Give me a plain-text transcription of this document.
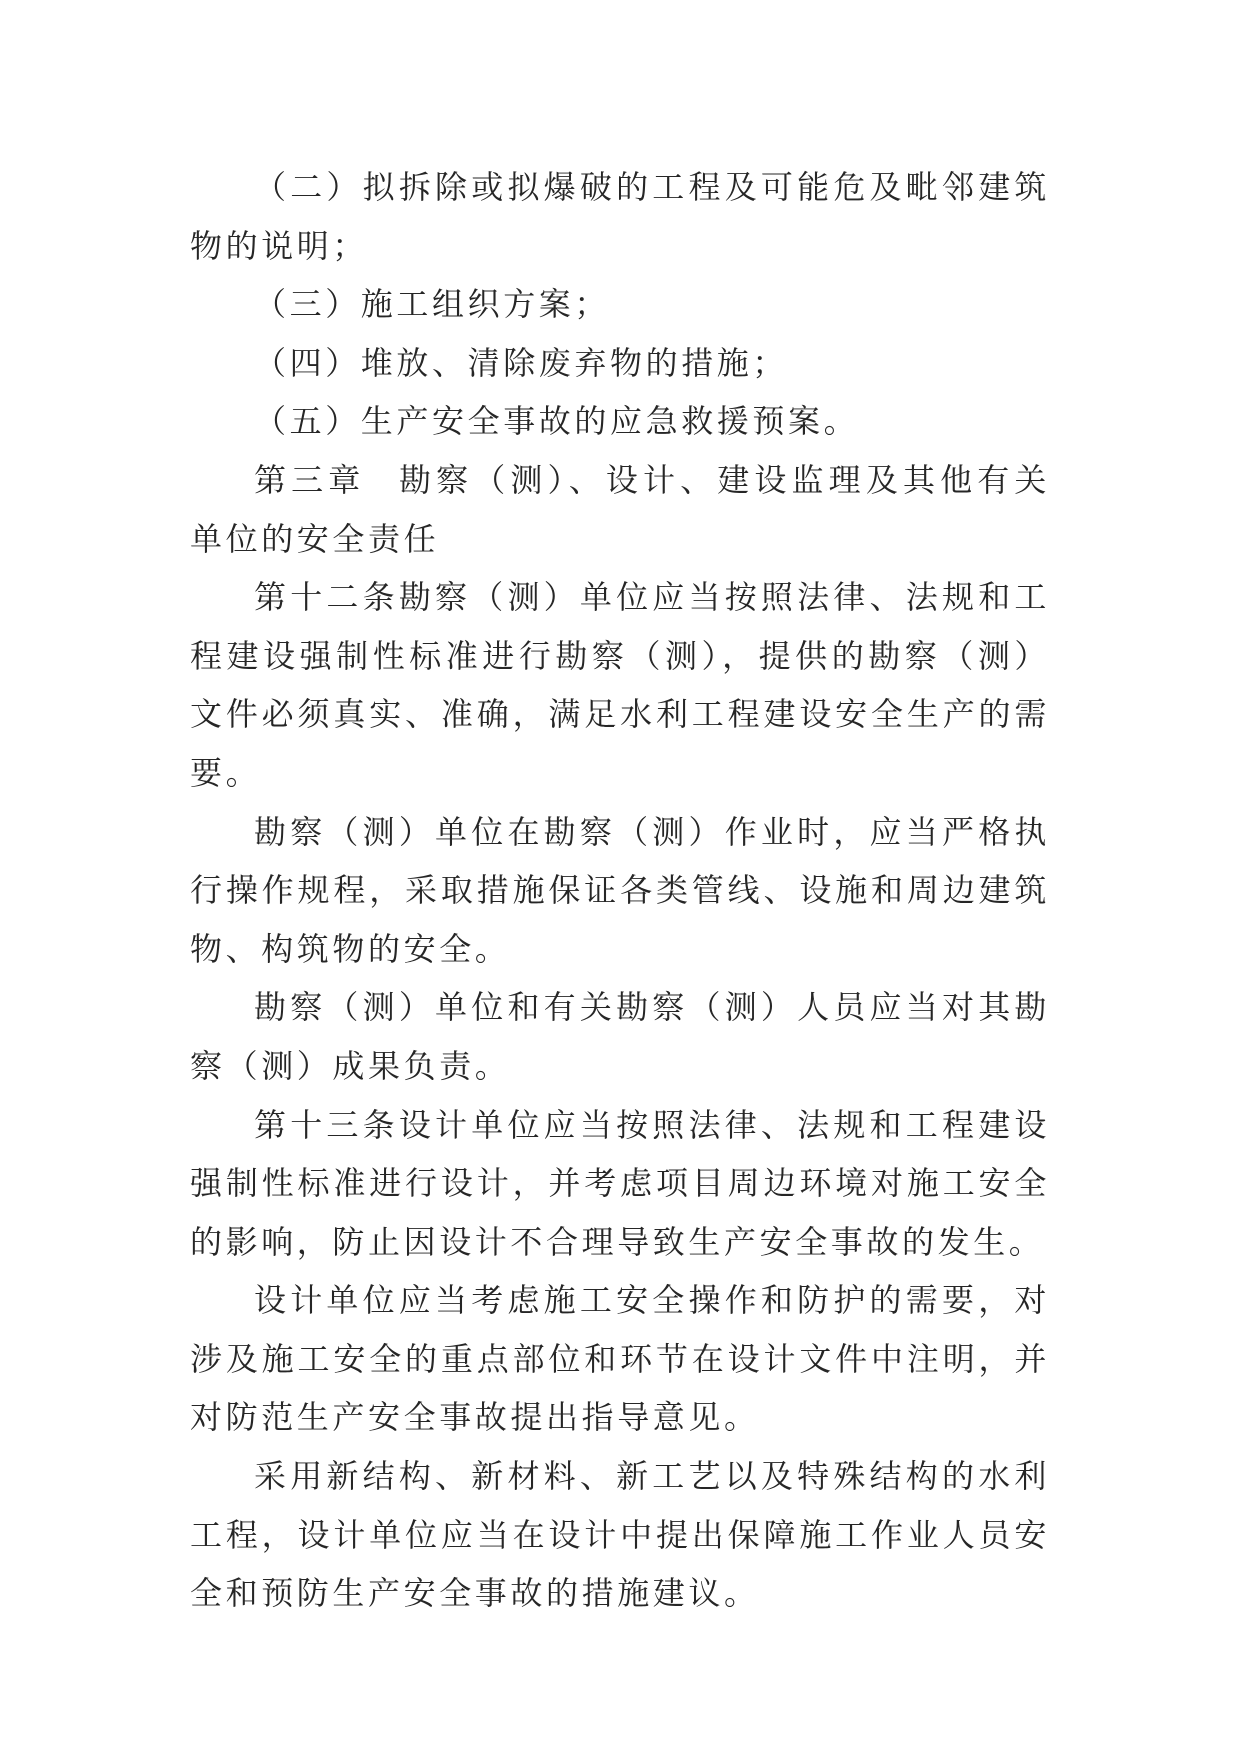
（二）拟拆除或拟爆破的工程及可能危及毗邻建筑物的说明；

（三）施工组织方案；

（四）堆放、清除废弃物的措施；

（五）生产安全事故的应急救援预案。

第三章 勘察（测）、设计、建设监理及其他有关单位的安全责任

第十二条勘察（测）单位应当按照法律、法规和工程建设强制性标准进行勘察（测），提供的勘察（测）文件必须真实、准确，满足水利工程建设安全生产的需要。

勘察（测）单位在勘察（测）作业时，应当严格执行操作规程，采取措施保证各类管线、设施和周边建筑物、构筑物的安全。

勘察（测）单位和有关勘察（测）人员应当对其勘察（测）成果负责。

第十三条设计单位应当按照法律、法规和工程建设强制性标准进行设计，并考虑项目周边环境对施工安全的影响，防止因设计不合理导致生产安全事故的发生。

设计单位应当考虑施工安全操作和防护的需要，对涉及施工安全的重点部位和环节在设计文件中注明，并对防范生产安全事故提出指导意见。

采用新结构、新材料、新工艺以及特殊结构的水利工程，设计单位应当在设计中提出保障施工作业人员安全和预防生产安全事故的措施建议。
